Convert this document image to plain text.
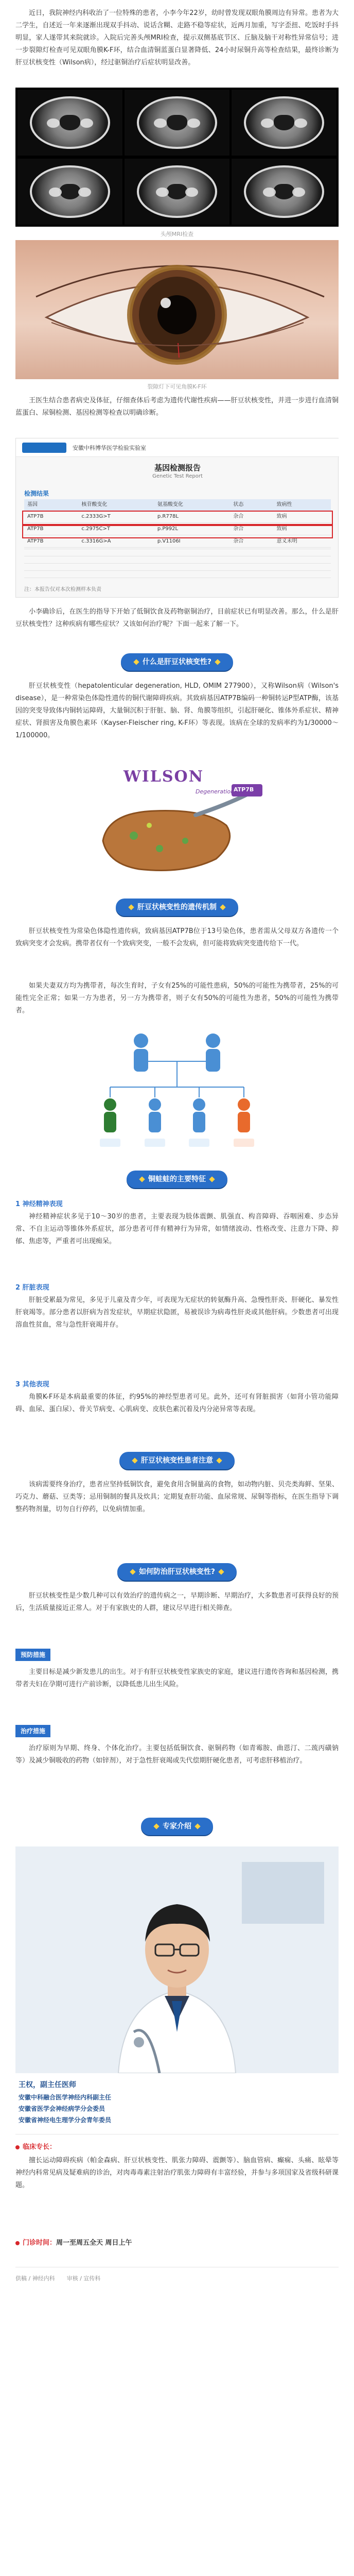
近日，我院神经内科收治了一位特殊的患者，小李今年22岁，幼时曾发现双眼角膜周边有异常。患者为大二学生，自述近一年来逐渐出现双手抖动、说话含糊、走路不稳等症状，近两月加重，写字歪扭、吃饭时手抖明显，家人遂带其来院就诊。入院后完善头颅MRI检查，提示双侧基底节区、丘脑及脑干对称性异常信号；进一步裂隙灯检查可见双眼角膜K-F环，结合血清铜蓝蛋白显著降低、24小时尿铜升高等检查结果，最终诊断为肝豆状核变性（Wilson病），经过驱铜治疗后症状明显改善。

头颅MRI检查

裂隙灯下可见角膜K-F环

王医生结合患者病史及体征，仔细查体后考虑为遗传代谢性疾病——肝豆状核变性，并进一步进行血清铜蓝蛋白、尿铜检测、基因检测等检查以明确诊断。

安徽中科博华医学检验实验室
基因检测报告
Genetic Test Report
检测结果
基因	核苷酸变化	氨基酸变化	状态	致病性
ATP7B	c.2333G>T	p.R778L	杂合	致病
ATP7B	c.2975C>T	p.P992L	杂合	致病
ATP7B	c.3316G>A	p.V1106I	杂合	意义未明
注：本报告仅对本次检测样本负责

小李确诊后，在医生的指导下开始了低铜饮食及药物驱铜治疗，目前症状已有明显改善。那么，什么是肝豆状核变性？这种疾病有哪些症状？又该如何治疗呢？下面一起来了解一下。

什么是肝豆状核变性?

肝豆状核变性（hepatolenticular degeneration, HLD, OMIM 277900），又称Wilson病（Wilson's disease），是一种常染色体隐性遗传的铜代谢障碍疾病。其致病基因ATP7B编码一种铜转运P型ATP酶，该基因的突变导致体内铜转运障碍，大量铜沉积于肝脏、脑、肾、角膜等组织，引起肝硬化、锥体外系症状、精神症状、肾损害及角膜色素环（Kayser-Fleischer ring, K-F环）等表现。该病在全球的发病率约为1/30000～1/100000。

ATP7B
WILSON
Degeneration
肝豆状核变性的遗传机制

肝豆状核变性为常染色体隐性遗传病，致病基因ATP7B位于13号染色体，患者需从父母双方各遗传一个致病突变才会发病。携带者仅有一个致病突变，一般不会发病，但可能将致病突变遗传给下一代。

如果夫妻双方均为携带者，每次生育时，子女有25%的可能性患病，50%的可能性为携带者，25%的可能性完全正常；如果一方为患者，另一方为携带者，则子女有50%的可能性为患者，50%的可能性为携带者。

铜蛙蛙的主要特征
1 神经精神表现

神经精神症状多见于10～30岁的患者，主要表现为肢体震颤、肌强直、构音障碍、吞咽困难、步态异常、不自主运动等锥体外系症状，部分患者可伴有精神行为异常，如情绪波动、性格改变、注意力下降、抑郁、焦虑等，严重者可出现痴呆。

2 肝脏表现

肝脏受累最为常见，多见于儿童及青少年，可表现为无症状的转氨酶升高、急慢性肝炎、肝硬化、暴发性肝衰竭等。部分患者以肝病为首发症状，早期症状隐匿，易被误诊为病毒性肝炎或其他肝病。少数患者可出现溶血性贫血，常与急性肝衰竭并存。

3 其他表现

角膜K-F环是本病最重要的体征，约95%的神经型患者可见。此外，还可有肾脏损害（如肾小管功能障碍、血尿、蛋白尿）、骨关节病变、心肌病变、皮肤色素沉着及内分泌异常等表现。

肝豆状核变性患者注意

该病需要终身治疗，患者应坚持低铜饮食，避免食用含铜量高的食物，如动物内脏、贝壳类海鲜、坚果、巧克力、蘑菇、豆类等；忌用铜制的餐具及炊具；定期复查肝功能、血尿常规、尿铜等指标，在医生指导下调整药物剂量，切勿自行停药，以免病情加重。

如何防治肝豆状核变性?

肝豆状核变性是少数几种可以有效治疗的遗传病之一，早期诊断、早期治疗，大多数患者可获得良好的预后，生活质量接近正常人。对于有家族史的人群，建议尽早进行相关筛查。

预防措施

主要目标是减少新发患儿的出生。对于有肝豆状核变性家族史的家庭，建议进行遗传咨询和基因检测，携带者夫妇在孕期可进行产前诊断，以降低患儿出生风险。

治疗措施

治疗原则为早期、终身、个体化治疗。主要包括低铜饮食、驱铜药物（如青霉胺、曲恩汀、二巯丙磺钠等）及减少铜吸收的药物（如锌剂），对于急性肝衰竭或失代偿期肝硬化患者，可考虑肝移植治疗。

专家介绍
王权，副主任医师
安徽中科融合医学神经内科副主任
安徽省医学会神经病学分会委员
安徽省神经电生理学分会青年委员
临床专长：

擅长运动障碍疾病（帕金森病、肝豆状核变性、肌张力障碍、震颤等）、脑血管病、癫痫、头痛、眩晕等神经内科常见病及疑难病的诊治，对肉毒毒素注射治疗肌张力障碍有丰富经验，并参与多项国家及省级科研课题。

门诊时间：周一至周五全天 周日上午
供稿 / 神经内科 审核 / 宣传科
